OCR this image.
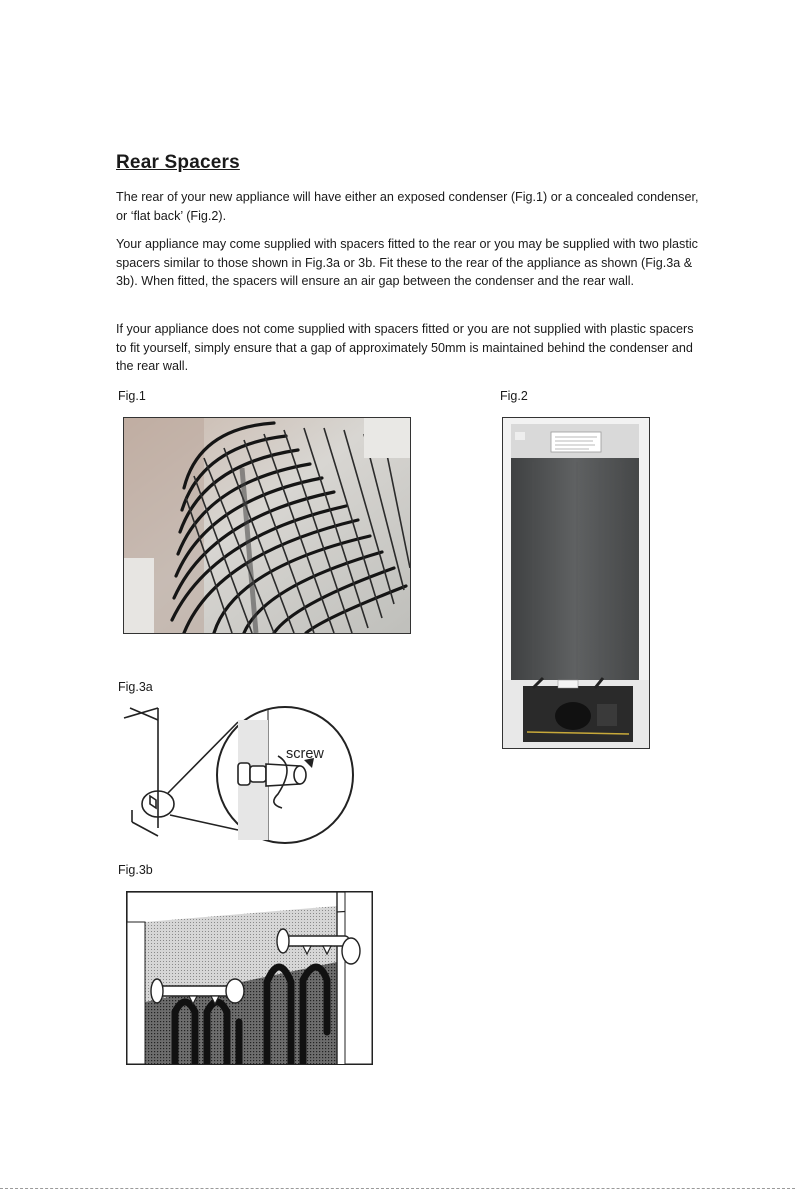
Rear Spacers

The rear of your new appliance will have either an exposed condenser (Fig.1) or a concealed condenser, or ‘flat back’ (Fig.2).

Your appliance may come supplied with spacers fitted to the rear or you may be supplied with two plastic spacers similar to those shown in Fig.3a or 3b. Fit these to the rear of the appliance as shown (Fig.3a & 3b). When fitted, the spacers will ensure an air gap between the condenser and the rear wall.

If your appliance does not come supplied with spacers fitted or you are not supplied with plastic spacers to fit yourself, simply ensure that a gap of approximately 50mm is maintained behind the condenser and the rear wall.

Fig.1	Fig.2
Fig.3a
screw
Fig.3b
